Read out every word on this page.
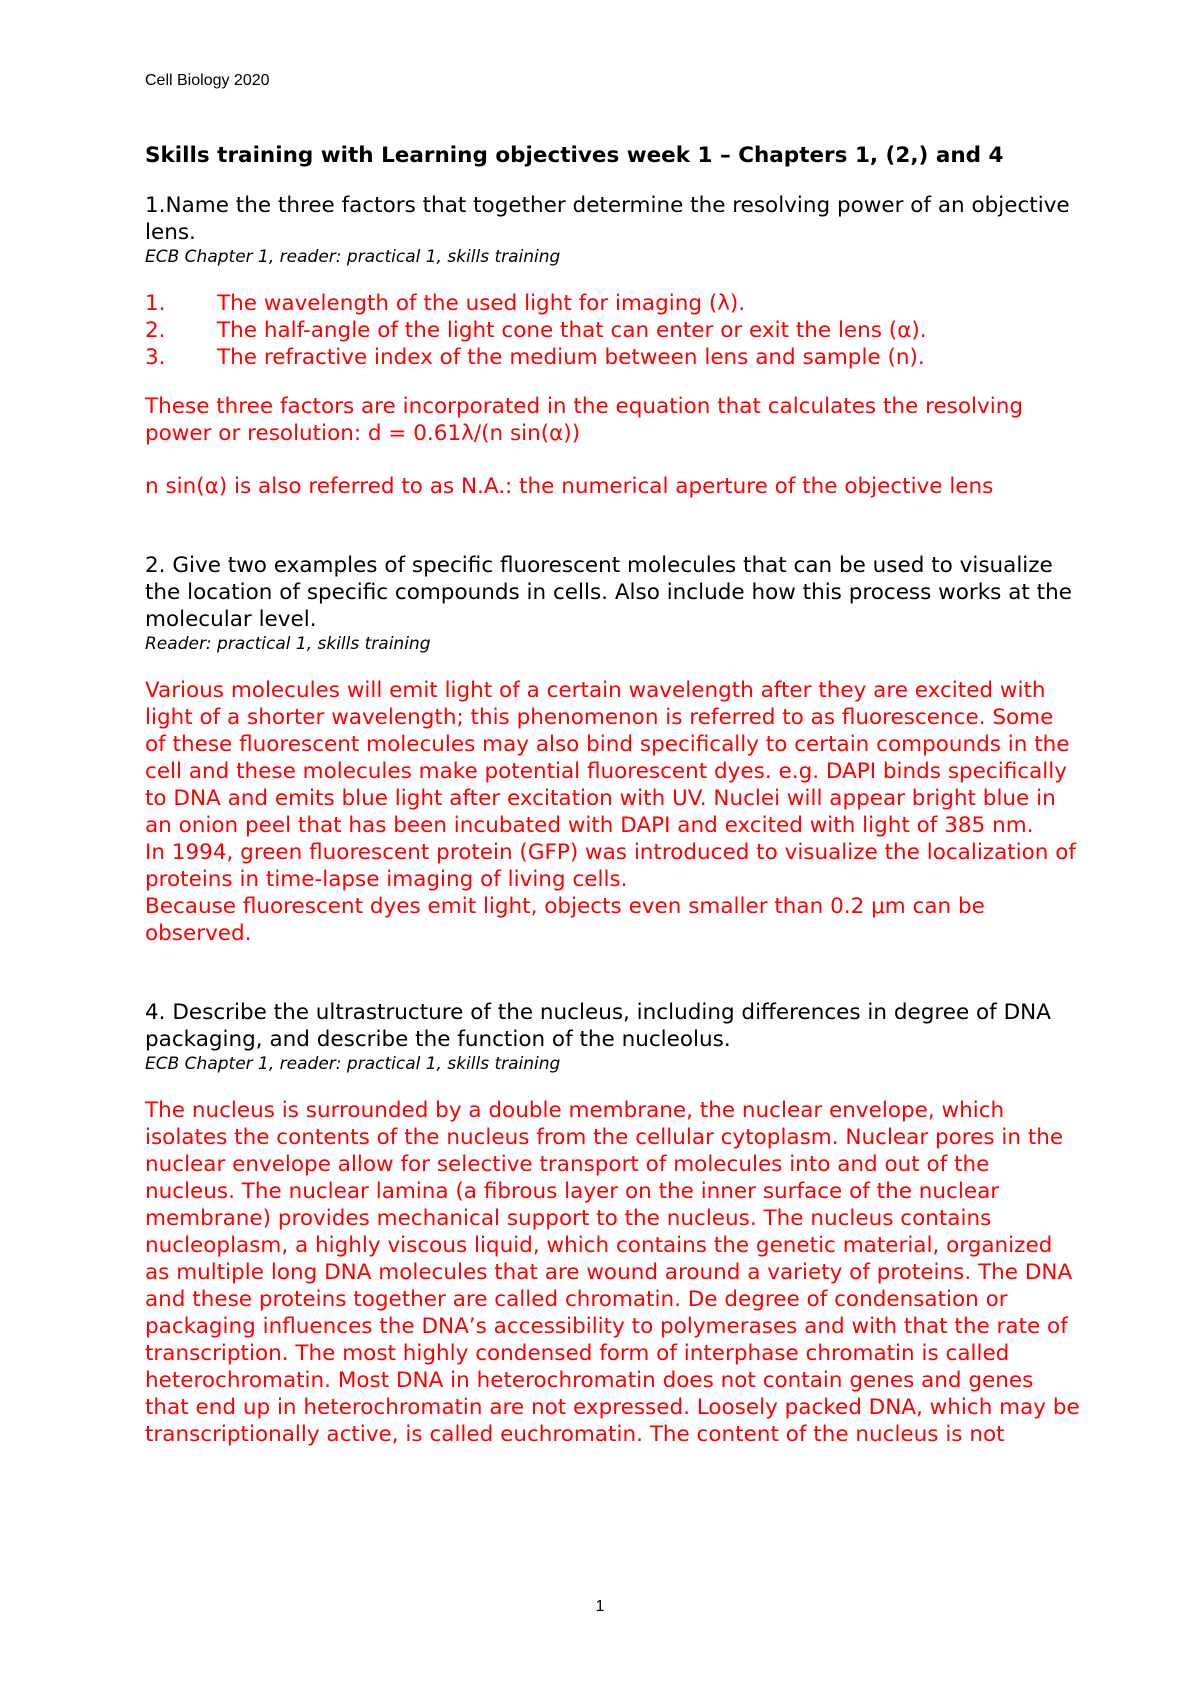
Cell Biology 2020
Skills training with Learning objectives week 1 – Chapters 1, (2,) and 4

1.Name the three factors that together determine the resolving power of an objective lens.

ECB Chapter 1, reader: practical 1, skills training
1.	The wavelength of the used light for imaging (λ).
2.	The half-angle of the light cone that can enter or exit the lens (α).
3.	The refractive index of the medium between lens and sample (n).

These three factors are incorporated in the equation that calculates the resolving power or resolution: d = 0.61λ/(n sin(α))

n sin(α) is also referred to as N.A.: the numerical aperture of the objective lens

2. Give two examples of specific fluorescent molecules that can be used to visualize the location of specific compounds in cells. Also include how this process works at the molecular level.

Reader: practical 1, skills training

Various molecules will emit light of a certain wavelength after they are excited with light of a shorter wavelength; this phenomenon is referred to as fluorescence. Some of these fluorescent molecules may also bind specifically to certain compounds in the cell and these molecules make potential fluorescent dyes. e.g. DAPI binds specifically to DNA and emits blue light after excitation with UV. Nuclei will appear bright blue in an onion peel that has been incubated with DAPI and excited with light of 385 nm.

In 1994, green fluorescent protein (GFP) was introduced to visualize the localization of proteins in time-lapse imaging of living cells.

Because fluorescent dyes emit light, objects even smaller than 0.2 μm can be observed.

4. Describe the ultrastructure of the nucleus, including differences in degree of DNA packaging, and describe the function of the nucleolus.

ECB Chapter 1, reader: practical 1, skills training

The nucleus is surrounded by a double membrane, the nuclear envelope, which isolates the contents of the nucleus from the cellular cytoplasm. Nuclear pores in the nuclear envelope allow for selective transport of molecules into and out of the nucleus. The nuclear lamina (a fibrous layer on the inner surface of the nuclear membrane) provides mechanical support to the nucleus. The nucleus contains nucleoplasm, a highly viscous liquid, which contains the genetic material, organized as multiple long DNA molecules that are wound around a variety of proteins. The DNA and these proteins together are called chromatin. De degree of condensation or packaging influences the DNA’s accessibility to polymerases and with that the rate of transcription. The most highly condensed form of interphase chromatin is called heterochromatin. Most DNA in heterochromatin does not contain genes and genes that end up in heterochromatin are not expressed. Loosely packed DNA, which may be transcriptionally active, is called euchromatin. The content of the nucleus is not

1
